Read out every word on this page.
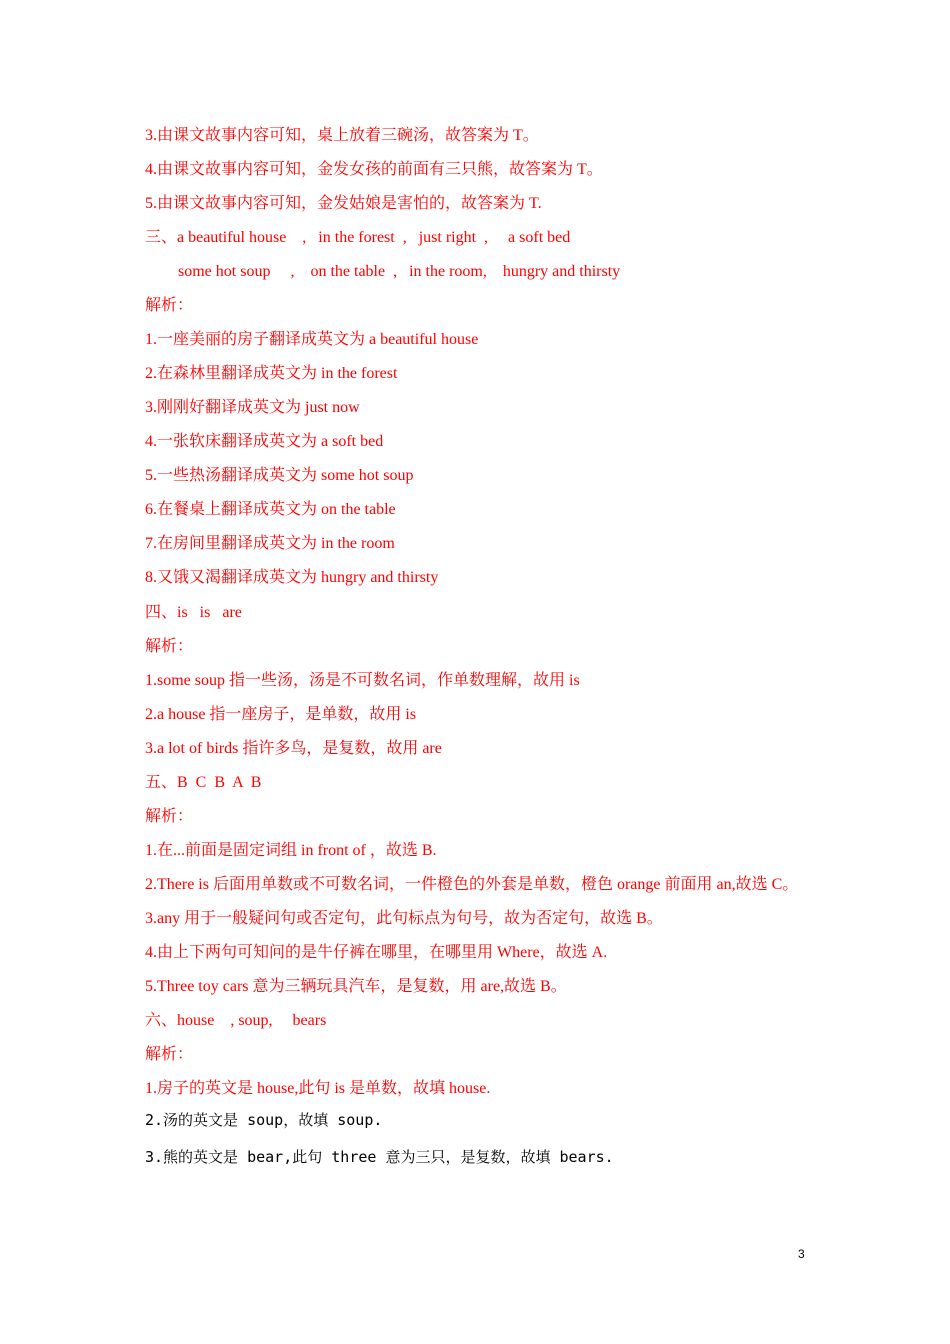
3.由课文故事内容可知，桌上放着三碗汤，故答案为 T。
4.由课文故事内容可知，金发女孩的前面有三只熊，故答案为 T。
5.由课文故事内容可知，金发姑娘是害怕的，故答案为 T.
三、a beautiful house    ,   in the forest  ,   just right  ,     a soft bed
some hot soup     ,    on the table  ,   in the room,    hungry and thirsty
解析：
1.一座美丽的房子翻译成英文为 a beautiful house
2.在森林里翻译成英文为 in the forest
3.刚刚好翻译成英文为 just now
4.一张软床翻译成英文为 a soft bed
5.一些热汤翻译成英文为 some hot soup
6.在餐桌上翻译成英文为 on the table
7.在房间里翻译成英文为 in the room
8.又饿又渴翻译成英文为 hungry and thirsty
四、is   is   are
解析：
1.some soup 指一些汤，汤是不可数名词，作单数理解，故用 is
2.a house 指一座房子，是单数，故用 is
3.a lot of birds 指许多鸟，是复数，故用 are
五、B  C  B  A  B
解析：
1.在...前面是固定词组 in front of ，故选 B.
2.There is 后面用单数或不可数名词，一件橙色的外套是单数，橙色 orange 前面用 an,故选 C。
3.any 用于一般疑问句或否定句，此句标点为句号，故为否定句，故选 B。
4.由上下两句可知问的是牛仔裤在哪里，在哪里用 Where，故选 A.
5.Three toy cars 意为三辆玩具汽车，是复数，用 are,故选 B。
六、house    , soup,     bears
解析：
1.房子的英文是 house,此句 is 是单数，故填 house.
2.汤的英文是 soup，故填 soup.
3.熊的英文是 bear,此句 three 意为三只，是复数，故填 bears.
3
